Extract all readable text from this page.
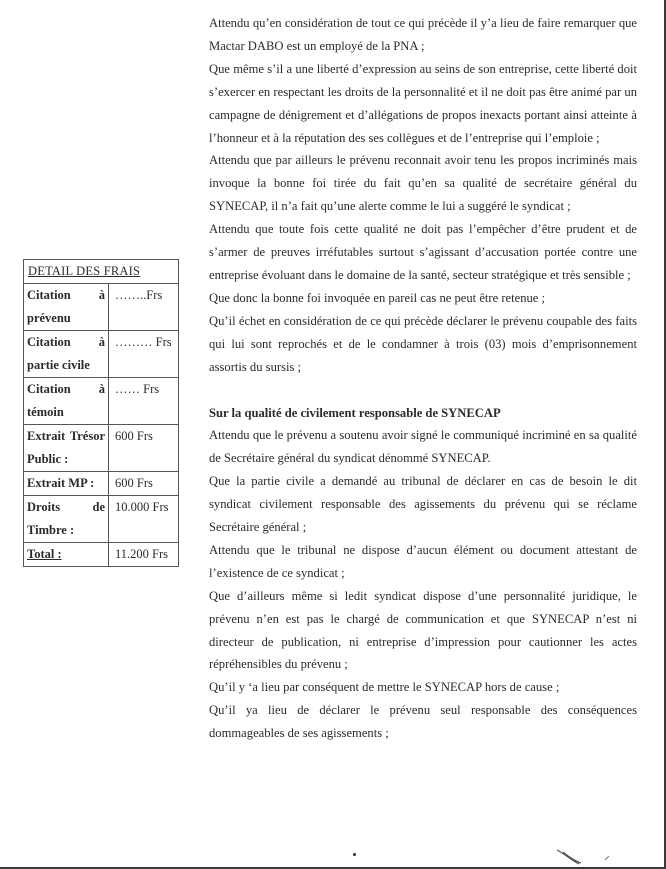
DETAIL DES FRAIS	
Citation à prévenu	……..Frs
Citation à partie civile	……… Frs
Citation à témoin	…… Frs
Extrait Trésor Public :	600 Frs
Extrait MP :	600 Frs
Droits de Timbre :	10.000 Frs
Total :	11.200 Frs

Attendu qu’en considération de tout ce qui précède il y’a lieu de faire remarquer que Mactar DABO est un employé de la PNA ;

Que même s’il a une liberté d’expression au seins de son entreprise, cette liberté doit s’exercer en respectant les droits de la personnalité et il ne doit pas être animé par un campagne de dénigrement et d’allégations de propos inexacts portant ainsi atteinte à l’honneur et à la réputation des ses collègues et de l’entreprise qui l’emploie ;

Attendu que par ailleurs le prévenu reconnait avoir tenu les propos incriminés mais invoque la bonne foi tirée du fait qu’en sa qualité de secrétaire général du SYNECAP, il n’a fait qu’une alerte comme le lui a suggéré le syndicat ;

Attendu que toute fois cette qualité ne doit pas l’empêcher d’être prudent et de s’armer de preuves irréfutables surtout s’agissant d’accusation portée contre une entreprise évoluant dans le domaine de la santé, secteur stratégique et très sensible ;

Que donc la bonne foi invoquée en pareil cas ne peut être retenue ;

Qu’il échet en considération de ce qui précède déclarer le prévenu coupable des faits qui lui sont reprochés et de le condamner à trois (03) mois d’emprisonnement assortis du sursis ;

Sur la qualité de civilement responsable de SYNECAP

Attendu que le prévenu a soutenu avoir signé le communiqué incriminé en sa qualité de Secrétaire général du syndicat dénommé SYNECAP.

Que la partie civile a demandé au tribunal de déclarer en cas de besoin le dit syndicat civilement responsable des agissements du prévenu qui se réclame Secrétaire général ;

Attendu que le tribunal ne dispose d’aucun élément ou document attestant de l’existence de ce syndicat ;

Que d’ailleurs même si ledit syndicat dispose d’une personnalité juridique, le prévenu n’en est pas le chargé de communication et que SYNECAP n’est ni directeur de publication, ni entreprise d’impression pour cautionner les actes répréhensibles du prévenu ;

Qu’il y ‘a lieu par conséquent de mettre le SYNECAP hors de cause ;

Qu’il ya lieu de déclarer le prévenu seul responsable des conséquences dommageables de ses agissements ;
